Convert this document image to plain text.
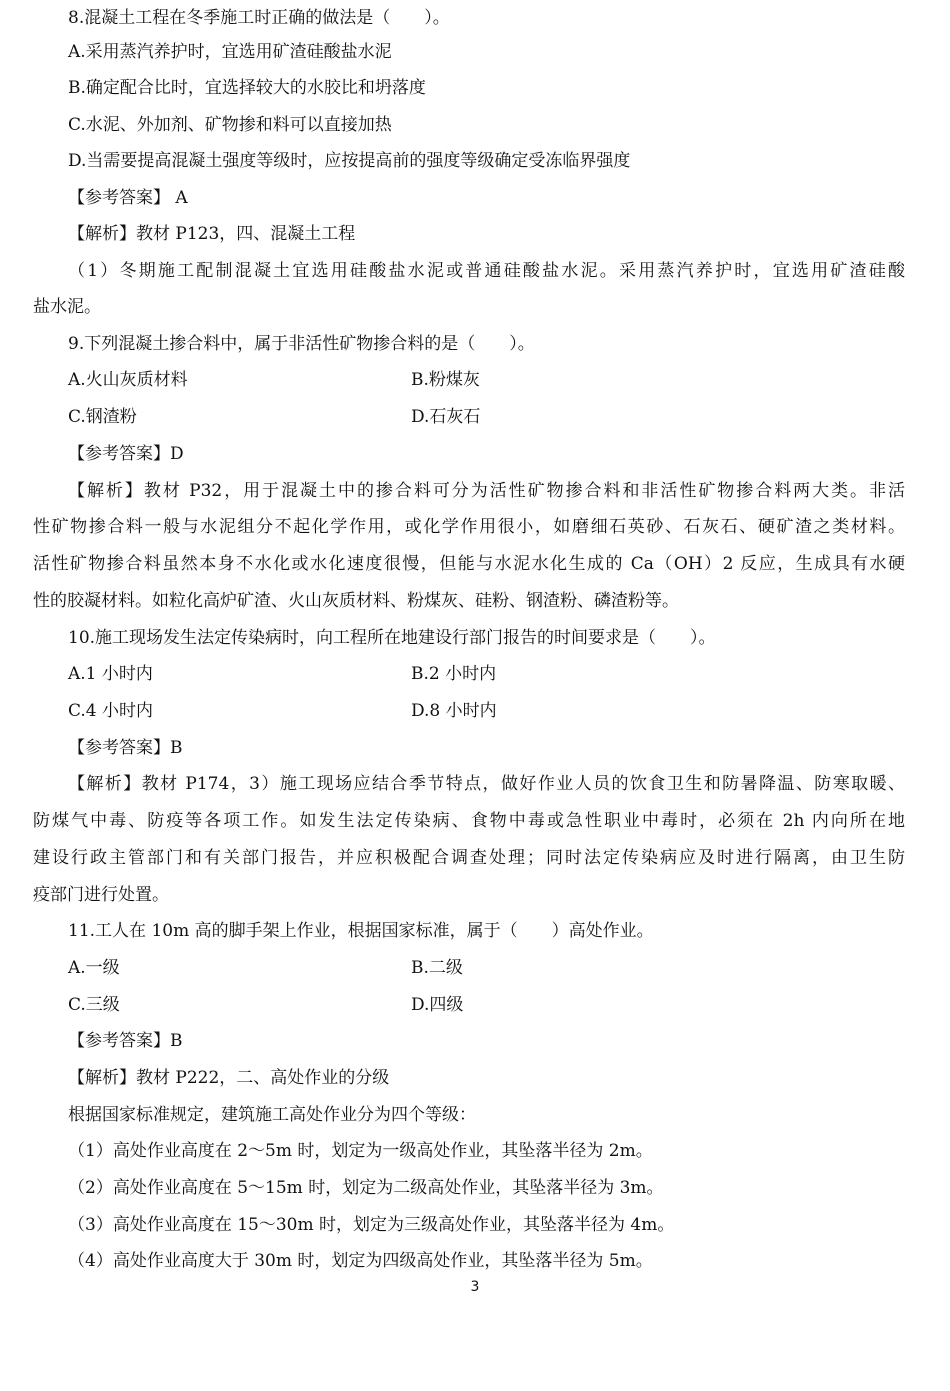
8.混凝土工程在冬季施工时正确的做法是（　　）。
A.采用蒸汽养护时，宜选用矿渣硅酸盐水泥
B.确定配合比时，宜选择较大的水胶比和坍落度
C.水泥、外加剂、矿物掺和料可以直接加热
D.当需要提高混凝土强度等级时，应按提高前的强度等级确定受冻临界强度
【参考答案】 A
【解析】教材 P123，四、混凝土工程
（1）冬期施工配制混凝土宜选用硅酸盐水泥或普通硅酸盐水泥。采用蒸汽养护时，宜选用矿渣硅酸
盐水泥。
9.下列混凝土掺合料中，属于非活性矿物掺合料的是（　　）。
A.火山灰质材料	B.粉煤灰
C.钢渣粉	D.石灰石
【参考答案】D
【解析】教材 P32，用于混凝土中的掺合料可分为活性矿物掺合料和非活性矿物掺合料两大类。非活
性矿物掺合料一般与水泥组分不起化学作用，或化学作用很小，如磨细石英砂、石灰石、硬矿渣之类材料。
活性矿物掺合料虽然本身不水化或水化速度很慢，但能与水泥水化生成的 Ca（OH）2 反应，生成具有水硬
性的胶凝材料。如粒化高炉矿渣、火山灰质材料、粉煤灰、硅粉、钢渣粉、磷渣粉等。
10.施工现场发生法定传染病时，向工程所在地建设行部门报告的时间要求是（　　）。
A.1 小时内	B.2 小时内
C.4 小时内	D.8 小时内
【参考答案】B
【解析】教材 P174，3）施工现场应结合季节特点，做好作业人员的饮食卫生和防暑降温、防寒取暖、
防煤气中毒、防疫等各项工作。如发生法定传染病、食物中毒或急性职业中毒时，必须在 2h 内向所在地
建设行政主管部门和有关部门报告，并应积极配合调查处理；同时法定传染病应及时进行隔离，由卫生防
疫部门进行处置。
11.工人在 10m 高的脚手架上作业，根据国家标准，属于（　　）高处作业。
A.一级	B.二级
C.三级	D.四级
【参考答案】B
【解析】教材 P222，二、高处作业的分级
根据国家标准规定，建筑施工高处作业分为四个等级：
（1）高处作业高度在 2～5m 时，划定为一级高处作业，其坠落半径为 2m。
（2）高处作业高度在 5～15m 时，划定为二级高处作业，其坠落半径为 3m。
（3）高处作业高度在 15～30m 时，划定为三级高处作业，其坠落半径为 4m。
（4）高处作业高度大于 30m 时，划定为四级高处作业，其坠落半径为 5m。
3
